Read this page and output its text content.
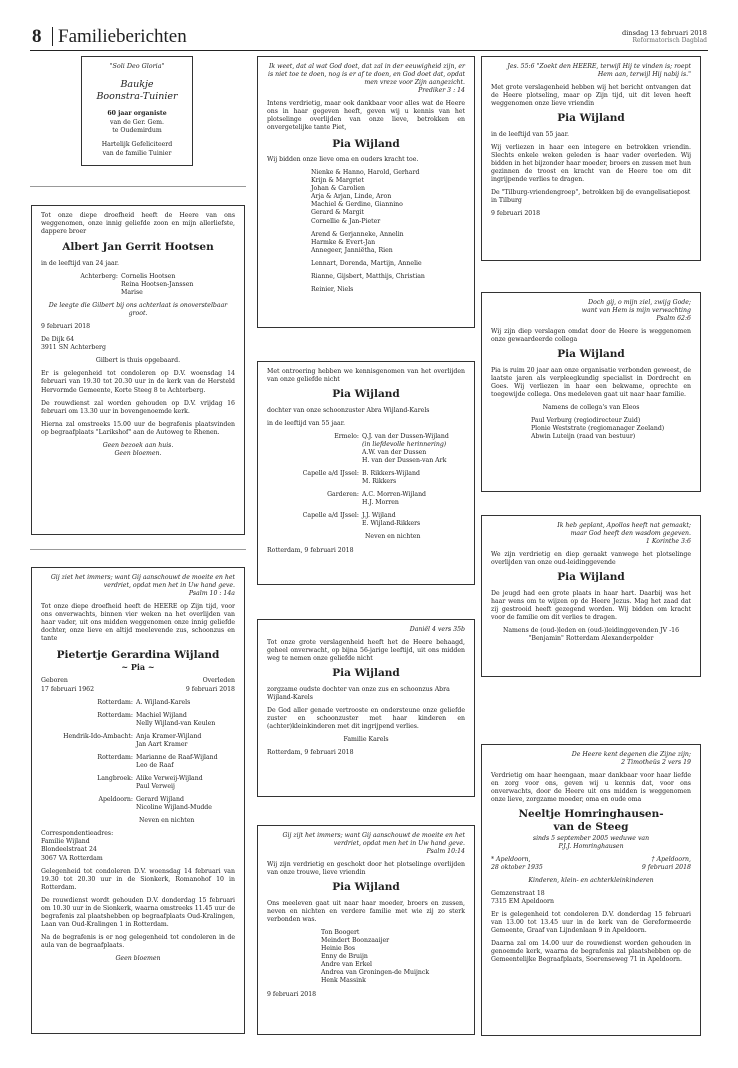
8 Familieberichten	dinsdag 13 februari 2018
Reformatorisch Dagblad
"Soli Deo Gloria"
Baukje
Boonstra-Tuinier
60 jaar organiste
van de Ger. Gem.
te Oudemirdum
Hartelijk Gefeliciteerd
van de familie Tuinier

Tot onze diepe droefheid heeft de Heere van ons weggenomen, onze innig geliefde zoon en mijn allerliefste, dappere broer

Albert Jan Gerrit Hootsen

in de leeftijd van 24 jaar.

Achterberg: Cornelis Hootsen
Reina Hootsen-Janssen
Marise

De leegte die Gilbert bij ons achterlaat is onoverstelbaar groot.

9 februari 2018

De Dijk 64

3911 SN Achterberg

Gilbert is thuis opgebaard.

Er is gelegenheid tot condoleren op D.V. woensdag 14 februari van 19.30 tot 20.30 uur in de kerk van de Hersteld Hervormde Gemeente, Korte Steeg 8 te Achterberg.

De rouwdienst zal worden gehouden op D.V. vrijdag 16 februari om 13.30 uur in bovengenoemde kerk.

Hierna zal omstreeks 15.00 uur de begrafenis plaatsvinden op begraafplaats "Larikshof" aan de Autoweg te Rhenen.

Geen bezoek aan huis.
Geen bloemen.
Gij ziet het immers; want Gij aanschouwt de moeite en het verdriet, opdat men het in Uw hand geve.

Psalm 10 : 14a

Tot onze diepe droefheid heeft de HEERE op Zijn tijd, voor ons onverwachts, binnen vier weken na het overlijden van haar vader, uit ons midden weggenomen onze innig geliefde dochter, onze lieve en altijd meelevende zus, schoonzus en tante

Pietertje Gerardina Wijland
~ Pia ~
Geboren	Overleden
17 februari 1962	9 februari 2018
Rotterdam: A. Wijland-Karels
Rotterdam: Machiel Wijland
Nelly Wijland-van Keulen
Hendrik-Ido-Ambacht: Anja Kramer-Wijland
Jan Aart Kramer
Rotterdam: Marianne de Raaf-Wijland
Leo de Raaf
Langbroek: Alike Verweij-Wijland
Paul Verweij
Apeldoorn: Gerard Wijland
Nicoline Wijland-Mudde

Neven en nichten

Correspondentieadres:
Familie Wijland
Blondeelstraat 24

3067 VA Rotterdam

Gelegenheid tot condoleren D.V. woensdag 14 februari van 19.30 tot 20.30 uur in de Sionkerk, Romanohof 10 in Rotterdam.

De rouwdienst wordt gehouden D.V. donderdag 15 februari om 10.30 uur in de Sionkerk, waarna omstreeks 11.45 uur de begrafenis zal plaatshebben op begraafplaats Oud-Kralingen, Laan van Oud-Kralingen 1 in Rotterdam.

Na de begrafenis is er nog gelegenheid tot condoleren in de aula van de begraafplaats.

Geen bloemen
Ik weet, dat al wat God doet, dat zal in der eeuwigheid zijn, er is niet toe te doen, nog is er af te doen, en God doet dat, opdat men vreze voor Zijn aangezicht.

Prediker 3 : 14

Intens verdrietig, maar ook dankbaar voor alles wat de Heere ons in haar gegeven heeft, geven wij u kennis van het plotselinge overlijden van onze lieve, betrokken en onvergetelijke tante Piet,

Pia Wijland

Wij bidden onze lieve oma en ouders kracht toe.

Nienke & Hanno, Harold, Gerhard
Krijn & Margriet
Johan & Carolien
Arja & Arjan, Linde, Aron
Machiel & Gerdine, Giannino
Gerard & Margit
Cornellie & Jan-Pieter
Arend & Gerjanneke, Annelin
Harmke & Evert-Jan
Annegeer, Janniëtha, Rien

Lennart, Dorenda, Martijn, Annelie

Rianne, Gijsbert, Matthijs, Christian

Reinier, Niels
Met ontroering hebben we kennisgenomen van het overlijden van onze geliefde nicht
Pia Wijland

dochter van onze schoonzuster Abra Wijland-Karels

in de leeftijd van 55 jaar.

Ermelo: Q.J. van der Dussen-Wijland
(in liefdevolle herinnering)
A.W. van der Dussen
H. van der Dussen-van Ark
Capelle a/d IJssel: B. Rikkers-Wijland
M. Rikkers
Garderen: A.C. Morren-Wijland
H.J. Morren
Capelle a/d IJssel: J.J. Wijland
E. Wijland-Rikkers

Neven en nichten

Rotterdam, 9 februari 2018

Daniël 4 vers 35b

Tot onze grote verslagenheid heeft het de Heere behaagd, geheel onverwacht, op bijna 56-jarige leeftijd, uit ons midden weg te nemen onze geliefde nicht
Pia Wijland

zorgzame oudste dochter van onze zus en schoonzus Abra Wijland-Karels

De God aller genade vertrooste en ondersteune onze geliefde zuster en schoonzuster met haar kinderen en (achter)kleinkinderen met dit ingrijpend verlies.

Familie Karels

Rotterdam, 9 februari 2018
Gij zijt het immers; want Gij aanschouwt de moeite en het verdriet, opdat men het in Uw hand geve.

Psalm 10:14

Wij zijn verdrietig en geschokt door het plotselinge overlijden van onze trouwe, lieve vriendin
Pia Wijland

Ons meeleven gaat uit naar haar moeder, broers en zussen, neven en nichten en verdere familie met wie zij zo sterk verbonden was.

Ton Boogert
Meindert Boonzaaijer
Heinie Bos
Enny de Bruijn
Andre van Erkel
Andrea van Groningen-de Muijnck
Henk Massink
9 februari 2018

Jes. 55:6 "Zoekt den HEERE, terwijl Hij te vinden is; roept Hem aan, terwijl Hij nabij is."

Met grote verslagenheid hebben wij het bericht ontvangen dat de Heere plotseling, maar op Zijn tijd, uit dit leven heeft weggenomen onze lieve vriendin
Pia Wijland

in de leeftijd van 55 jaar.

Wij verliezen in haar een integere en betrokken vriendin. Slechts enkele weken geleden is haar vader overleden. Wij bidden in het bijzonder haar moeder, broers en zussen met hun gezinnen de troost en kracht van de Heere toe om dit ingrijpende verlies te dragen.

De "Tilburg-vriendengroep", betrokken bij de evangelisatiepost in Tilburg

9 februari 2018
Doch gij, o mijn ziel, zwijg Gode;
want van Hem is mijn verwachting

Psalm 62:6

Wij zijn diep verslagen omdat door de Heere is weggenomen onze gewaardeerde collega
Pia Wijland

Pia is ruim 20 jaar aan onze organisatie verbonden geweest, de laatste jaren als verpleegkundig specialist in Dordrecht en Goes. Wij verliezen in haar een bekwame, oprechte en toegewijde collega. Ons medeleven gaat uit naar haar familie.

Namens de collega's van Eleos

Paul Verburg (regiodirecteur Zuid)
Plonie Weststrate (regiomanager Zeeland)
Abwin Luteijn (raad van bestuur)
Ik heb geplant, Apollos heeft nat gemaakt;
maar God heeft den wasdom gegeven.

1 Korinthe 3:6

We zijn verdrietig en diep geraakt vanwege het plotselinge overlijden van onze oud-leidinggevende
Pia Wijland

De jeugd had een grote plaats in haar hart. Daarbij was het haar wens om te wijzen op de Heere Jezus. Mag het zaad dat zij gestrooid heeft gezegend worden. Wij bidden om kracht voor de familie om dit verlies te dragen.

Namens de (oud-)leden en (oud-)leidinggevenden JV -16 "Benjamin" Rotterdam Alexanderpolder
De Heere kent degenen die Zijne zijn;

2 Timotheüs 2 vers 19

Verdrietig om haar heengaan, maar dankbaar voor haar liefde en zorg voor ons, geven wij u kennis dat, voor ons onverwachts, door de Heere uit ons midden is weggenomen onze lieve, zorgzame moeder, oma en oude oma
Neeltje Homringhausen-
van de Steeg
sinds 5 september 2005 weduwe van

P.J.J. Homringhausen

* Apeldoorn,	† Apeldoorn,

28 oktober 1935	9 februari 2018

Kinderen, klein- en achterkleinkinderen

Gemzenstraat 18

7315 EM Apeldoorn

Er is gelegenheid tot condoleren D.V. donderdag 15 februari van 13.00 tot 13.45 uur in de kerk van de Gereformeerde Gemeente, Graaf van Lijndenlaan 9 in Apeldoorn.

Daarna zal om 14.00 uur de rouwdienst worden gehouden in genoemde kerk, waarna de begrafenis zal plaatshebben op de Gemeentelijke Begraafplaats, Soerenseweg 71 in Apeldoorn.
